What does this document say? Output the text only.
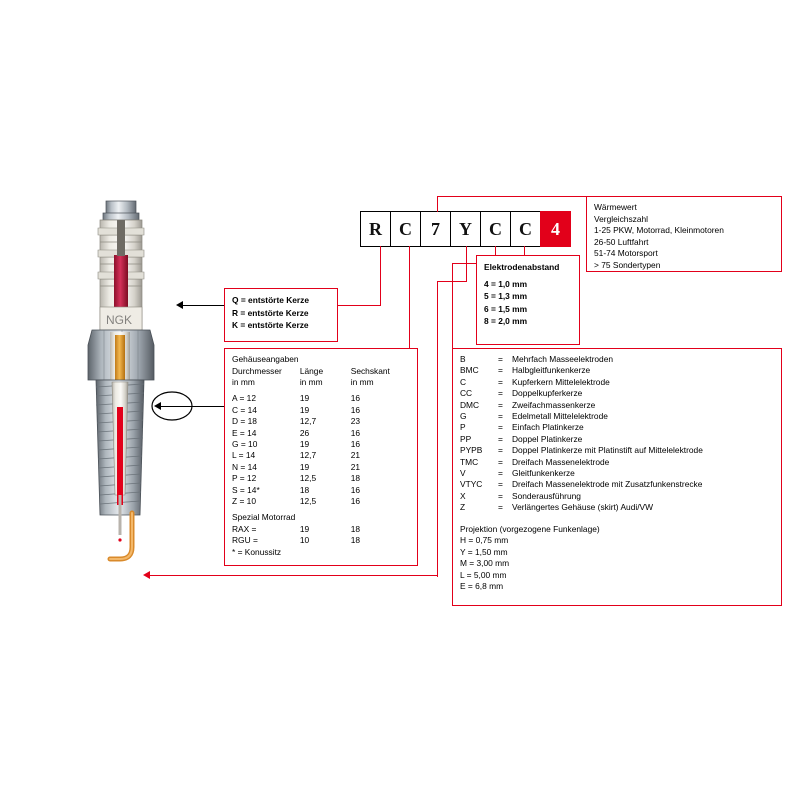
NGK
R C	7	Y C C	4
Q = entstörte Kerze
R = entstörte Kerze
K = entstörte Kerze
Wärmewert
Vergleichszahl
1-25 PKW, Motorrad, Kleinmotoren
26-50 Luftfahrt
51-74 Motorsport
> 75 Sondertypen
Elektrodenabstand
4 = 1,0 mm
5 = 1,3 mm
6 = 1,5 mm
8 = 2,0 mm
Gehäuseangaben
Durchmesser	Länge	Sechskant
in mm	in mm	in mm
A = 12	19	16
C = 14	19	16
D = 18	12,7	23
E = 14	26	16
G = 10	19	16
L = 14	12,7	21
N = 14	19	21
P = 12	12,5	18
S = 14*	18	16
Z = 10	12,5	16
Spezial Motorrad		
RAX =	19	18
RGU =	10	18
* = Konussitz		
B	=	Mehrfach Masseelektroden
BMC	=	Halbgleitfunkenkerze
C	=	Kupferkern Mittelelektrode
CC	=	Doppelkupferkerze
DMC	=	Zweifachmassenkerze
G	=	Edelmetall Mittelelektrode
P	=	Einfach Platinkerze
PP	=	Doppel Platinkerze
PYPB	=	Doppel Platinkerze mit Platinstift auf Mittelelektrode
TMC	=	Dreifach Massenelektrode
V	=	Gleitfunkenkerze
VTYC	=	Dreifach Massenelektrode mit Zusatzfunkenstrecke
X	=	Sonderausführung
Z	=	Verlängertes Gehäuse (skirt) Audi/VW
Projektion (vorgezogene Funkenlage)
H = 0,75 mm
Y = 1,50 mm
M = 3,00 mm
L = 5,00 mm
E = 6,8 mm
